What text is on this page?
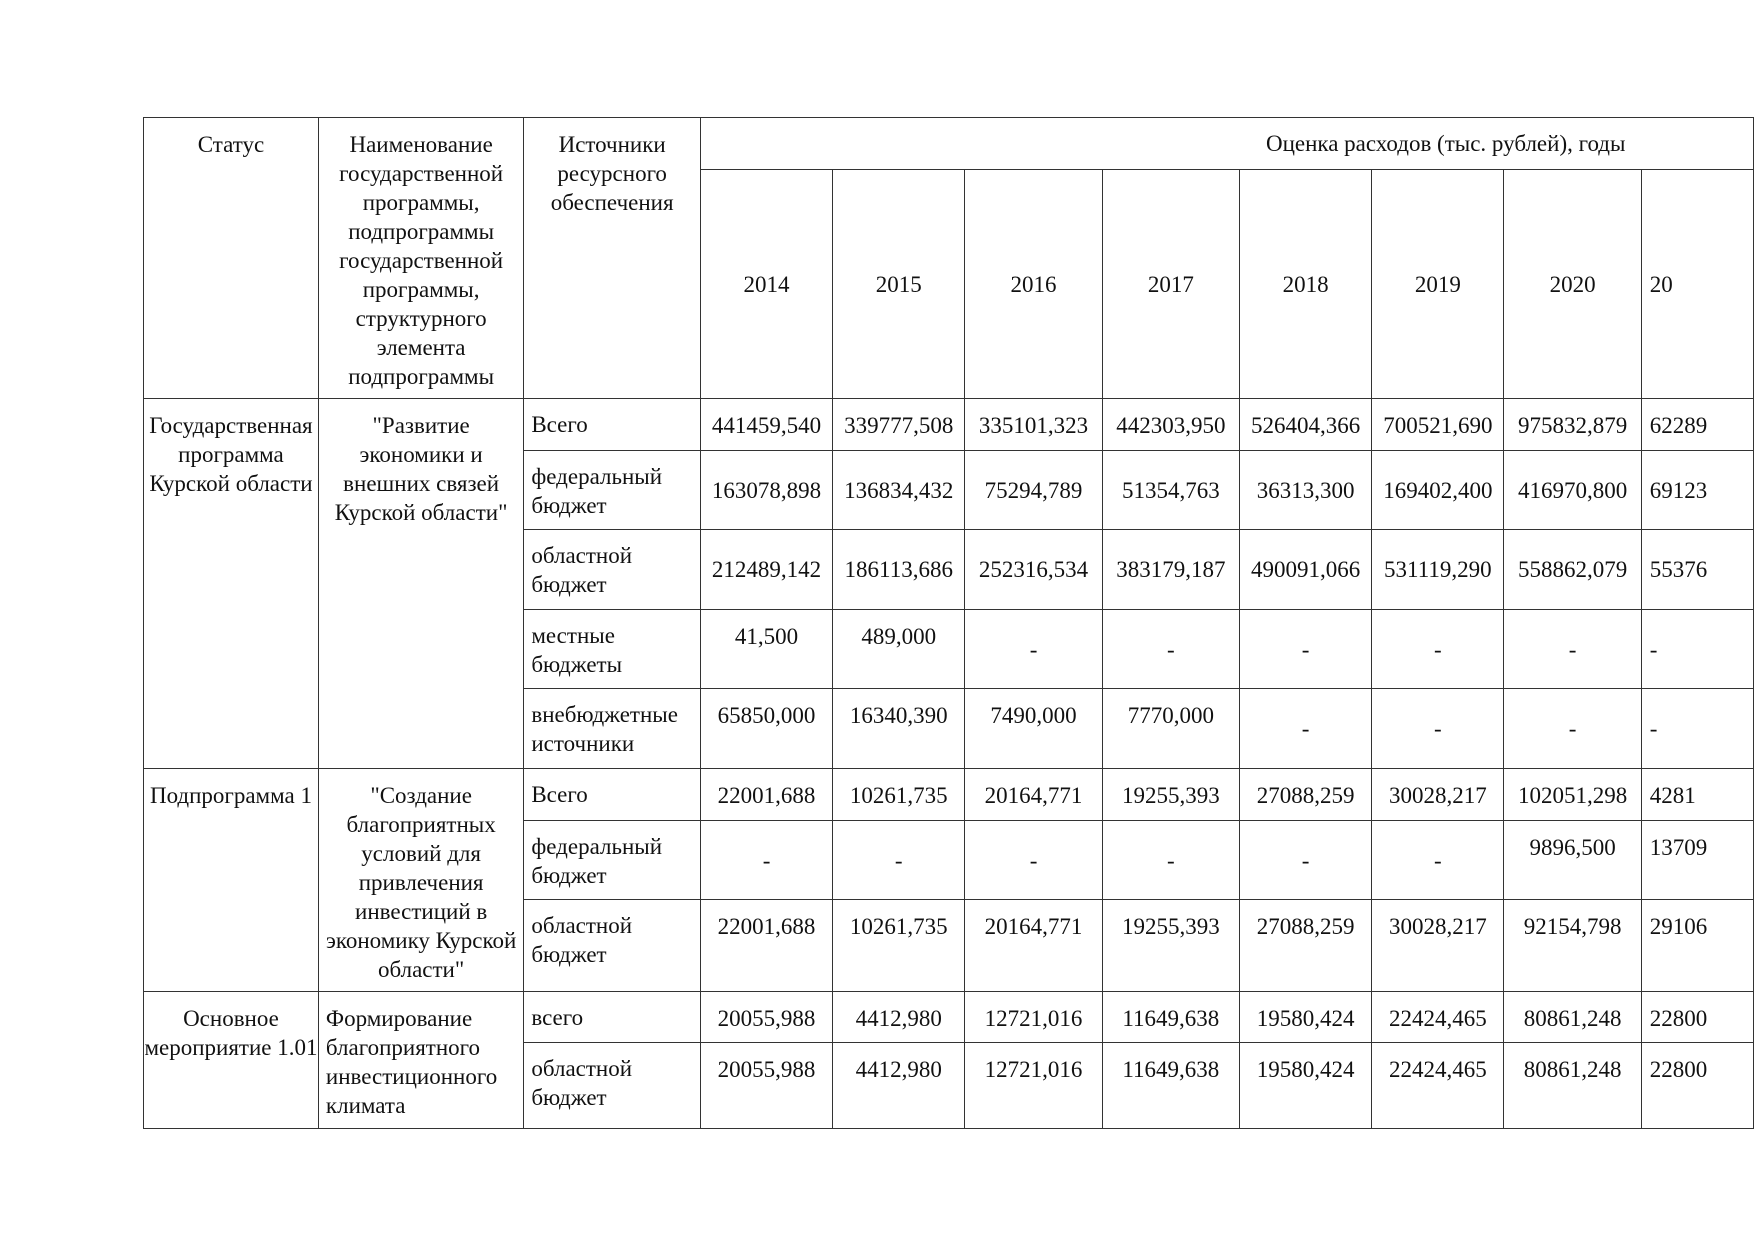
Статус	Наименование государственной программы, подпрограммы государственной программы, структурного элемента подпрограммы	Источники ресурсного обеспечения	Оценка расходов (тыс. рублей), годы							
			2014	2015	2016	2017	2018	2019	2020	20
Государственная программа Курской области	"Развитие экономики и внешних связей Курской области"	Всего	441459,540	339777,508	335101,323	442303,950	526404,366	700521,690	975832,879	62289
		федеральный бюджет	163078,898	136834,432	75294,789	51354,763	36313,300	169402,400	416970,800	69123
		областной бюджет	212489,142	186113,686	252316,534	383179,187	490091,066	531119,290	558862,079	55376
		местные бюджеты	41,500	489,000	-	-	-	-	-	-
		внебюджетные источники	65850,000	16340,390	7490,000	7770,000	-	-	-	-
Подпрограмма 1	"Создание благоприятных условий для привлечения инвестиций в экономику Курской области"	Всего	22001,688	10261,735	20164,771	19255,393	27088,259	30028,217	102051,298	4281
		федеральный бюджет	-	-	-	-	-	-	9896,500	13709
		областной бюджет	22001,688	10261,735	20164,771	19255,393	27088,259	30028,217	92154,798	29106
Основное мероприятие 1.01	Формирование благоприятного инвестиционного климата	всего	20055,988	4412,980	12721,016	11649,638	19580,424	22424,465	80861,248	22800
		областной бюджет	20055,988	4412,980	12721,016	11649,638	19580,424	22424,465	80861,248	22800
